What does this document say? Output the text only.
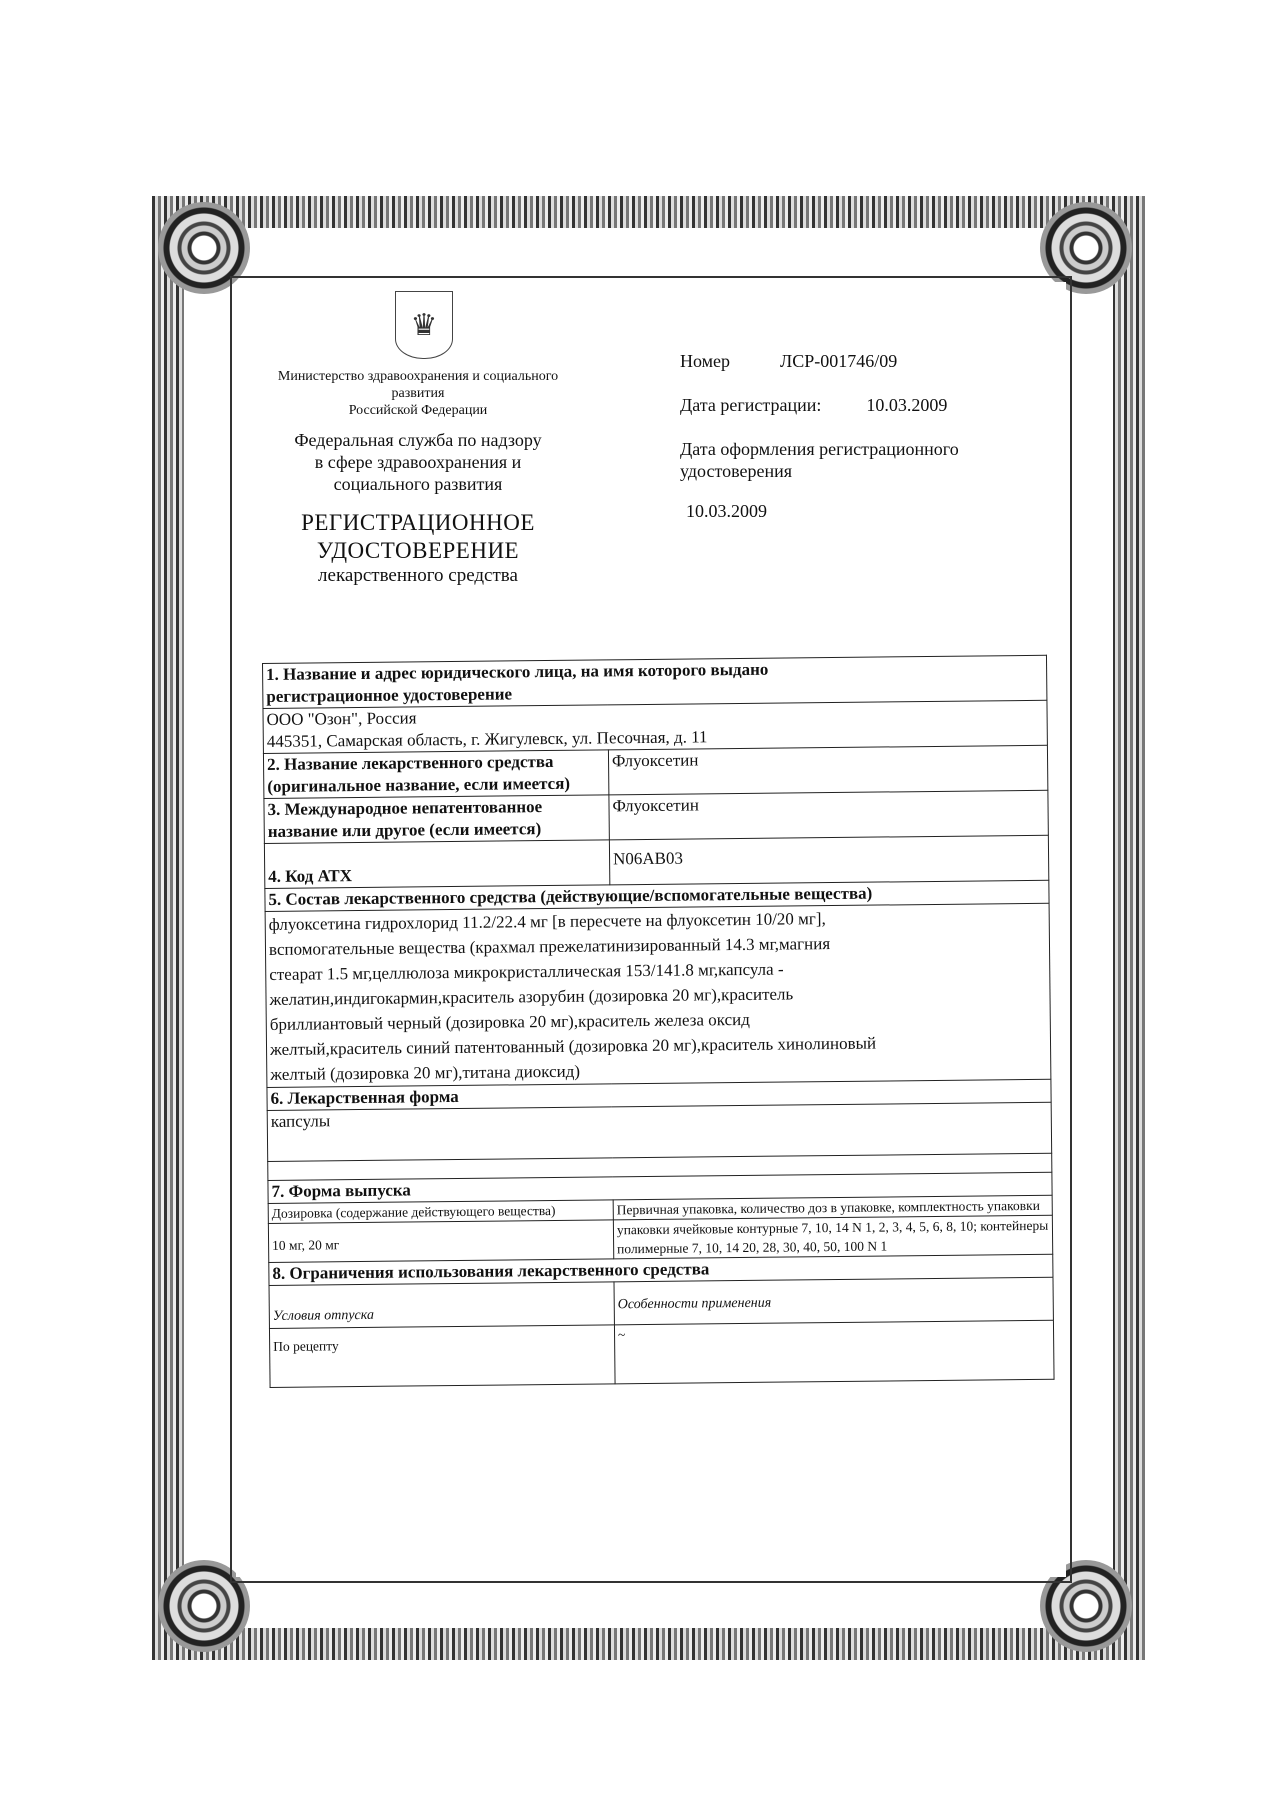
♛
Министерство здравоохранения и социального
развития
Российской Федерации
Федеральная служба по надзору
в сфере здравоохранения и
социального развития
РЕГИСТРАЦИОННОЕ
УДОСТОВЕРЕНИЕ
лекарственного средства
Номер	ЛСР-001746/09
Дата регистрации:	10.03.2009
Дата оформления регистрационного
удостоверения
10.03.2009
1. Название и адрес юридического лица, на имя которого выдано
регистрационное удостоверение	

ООО "Озон", Россия
445351, Самарская область, г. Жигулевск, ул. Песочная, д. 11	

2. Название лекарственного средства
(оригинальное название, если имеется)	Флуоксетин

3. Международное непатентованное
название или другое (если имеется)	Флуоксетин
4. Код АТХ	N06AB03
5. Состав лекарственного средства (действующие/вспомогательные вещества)	

флуоксетина гидрохлорид 11.2/22.4 мг [в пересчете на флуоксетин 10/20 мг],
вспомогательные вещества (крахмал прежелатинизированный 14.3 мг,магния
стеарат 1.5 мг,целлюлоза микрокристаллическая 153/141.8 мг,капсула -
желатин,индигокармин,краситель азорубин (дозировка 20 мг),краситель
бриллиантовый черный (дозировка 20 мг),краситель железа оксид
желтый,краситель синий патентованный (дозировка 20 мг),краситель хинолиновый
желтый (дозировка 20 мг),титана диоксид)

6. Лекарственная форма	
капсулы	

7. Форма выпуска	
Дозировка (содержание действующего вещества)	Первичная упаковка, количество доз в упаковке, комплектность упаковки
10 мг, 20 мг	упаковки ячейковые контурные 7, 10, 14 N 1, 2, 3, 4, 5, 6, 8, 10; контейнеры полимерные 7, 10, 14 20, 28, 30, 40, 50, 100 N 1
8. Ограничения использования лекарственного средства	
Условия отпуска	Особенности применения
По рецепту	~
